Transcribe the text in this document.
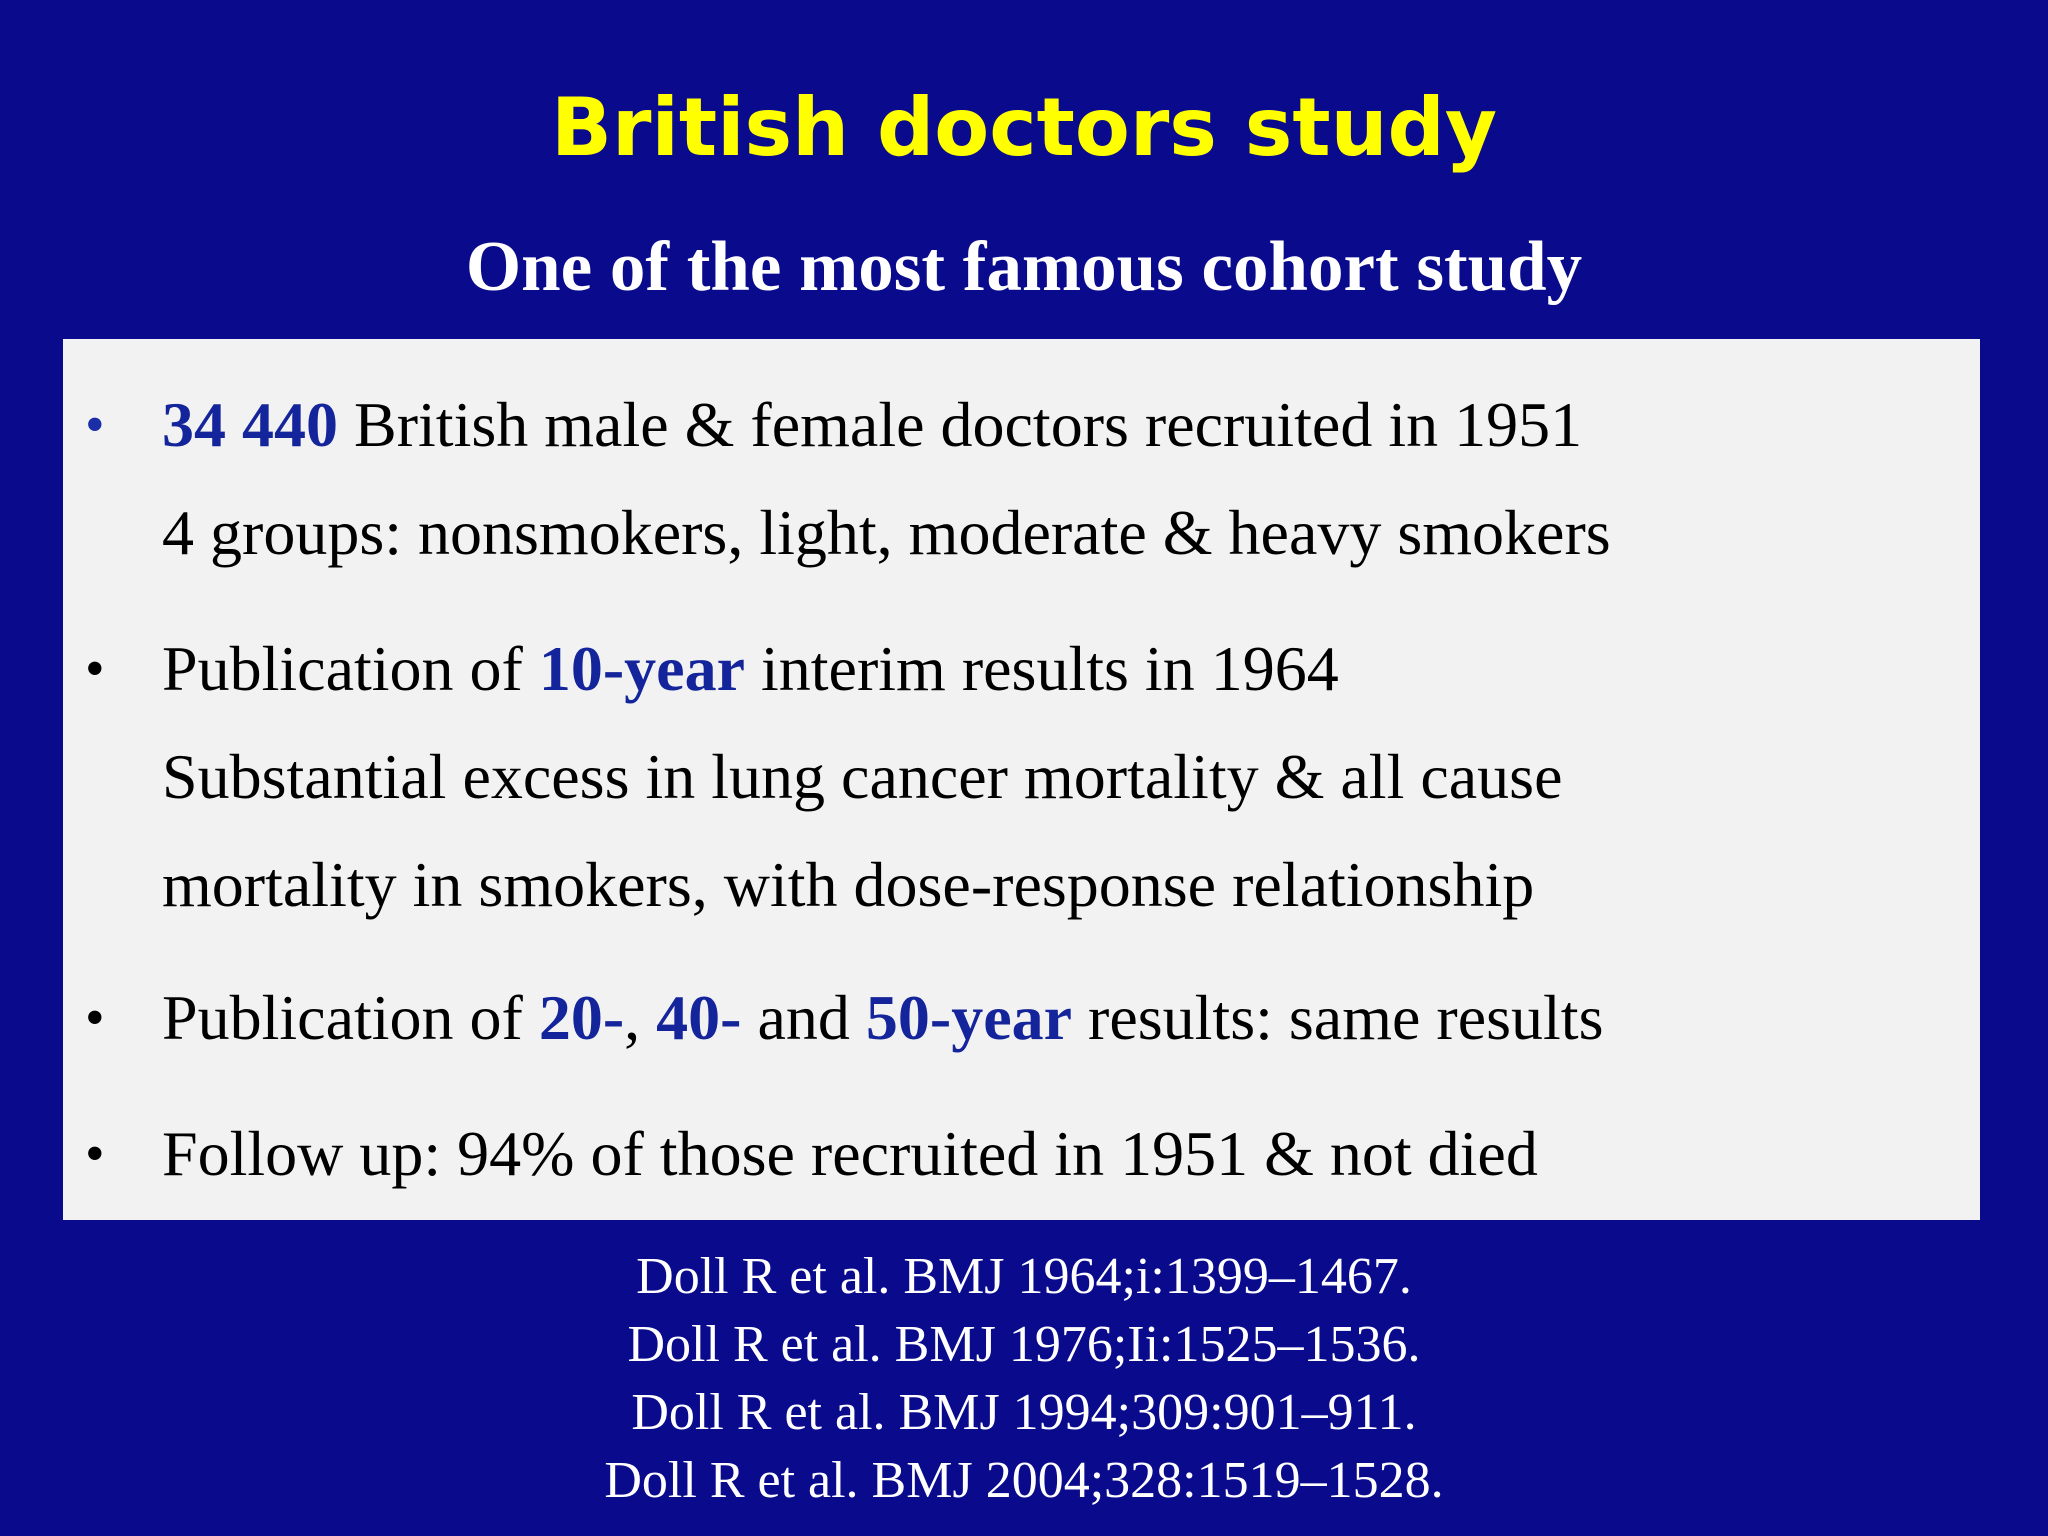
British doctors study
One of the most famous cohort study
• 34 440 British male & female doctors recruited in 1951
4 groups: nonsmokers, light, moderate & heavy smokers
• Publication of 10-year interim results in 1964
Substantial excess in lung cancer mortality & all cause
mortality in smokers, with dose-response relationship
• Publication of 20-, 40- and 50-year results: same results
• Follow up: 94% of those recruited in 1951 & not died
Doll R et al. BMJ 1964;i:1399–1467.
Doll R et al. BMJ 1976;Ii:1525–1536.
Doll R et al. BMJ 1994;309:901–911.
Doll R et al. BMJ 2004;328:1519–1528.
